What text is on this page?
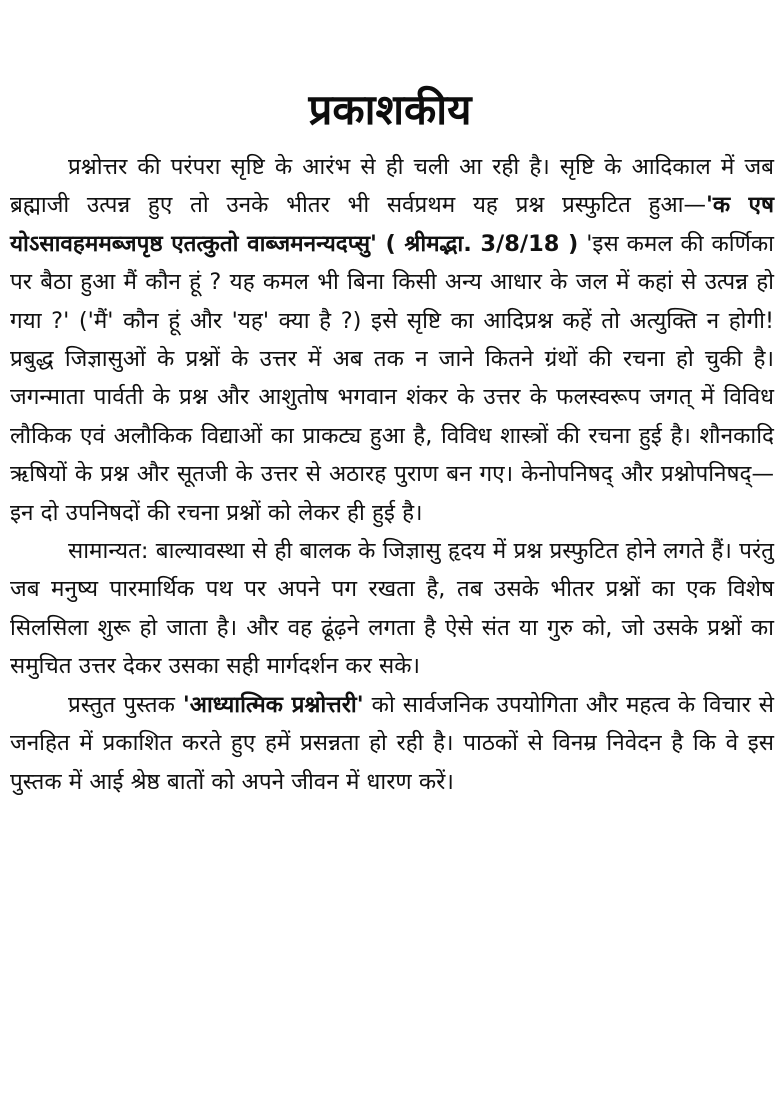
प्रकाशकीय

प्रश्नोत्तर की परंपरा सृष्टि के आरंभ से ही चली आ रही है। सृष्टि के आदिकाल में जब ब्रह्माजी उत्पन्न हुए तो उनके भीतर भी सर्वप्रथम यह प्रश्न प्रस्फुटित हुआ—'क एष योऽसावहममब्जपृष्ठ एतत्कुतो वाब्जमनन्यदप्सु' ( श्रीमद्भा. 3/8/18 ) 'इस कमल की कर्णिका पर बैठा हुआ मैं कौन हूं ? यह कमल भी बिना किसी अन्य आधार के जल में कहां से उत्पन्न हो गया ?' ('मैं' कौन हूं और 'यह' क्या है ?) इसे सृष्टि का आदिप्रश्न कहें तो अत्युक्ति न होगी! प्रबुद्ध जिज्ञासुओं के प्रश्नों के उत्तर में अब तक न जाने कितने ग्रंथों की रचना हो चुकी है। जगन्माता पार्वती के प्रश्न और आशुतोष भगवान शंकर के उत्तर के फलस्वरूप जगत् में विविध लौकिक एवं अलौकिक विद्याओं का प्राकट्य हुआ है, विविध शास्त्रों की रचना हुई है। शौनकादि ऋषियों के प्रश्न और सूतजी के उत्तर से अठारह पुराण बन गए। केनोपनिषद् और प्रश्नोपनिषद्—इन दो उपनिषदों की रचना प्रश्नों को लेकर ही हुई है।

सामान्यत: बाल्यावस्था से ही बालक के जिज्ञासु हृदय में प्रश्न प्रस्फुटित होने लगते हैं। परंतु जब मनुष्य पारमार्थिक पथ पर अपने पग रखता है, तब उसके भीतर प्रश्नों का एक विशेष सिलसिला शुरू हो जाता है। और वह ढूंढ़ने लगता है ऐसे संत या गुरु को, जो उसके प्रश्नों का समुचित उत्तर देकर उसका सही मार्गदर्शन कर सके।

प्रस्तुत पुस्तक 'आध्यात्मिक प्रश्नोत्तरी' को सार्वजनिक उपयोगिता और महत्व के विचार से जनहित में प्रकाशित करते हुए हमें प्रसन्नता हो रही है। पाठकों से विनम्र निवेदन है कि वे इस पुस्तक में आई श्रेष्ठ बातों को अपने जीवन में धारण करें।
